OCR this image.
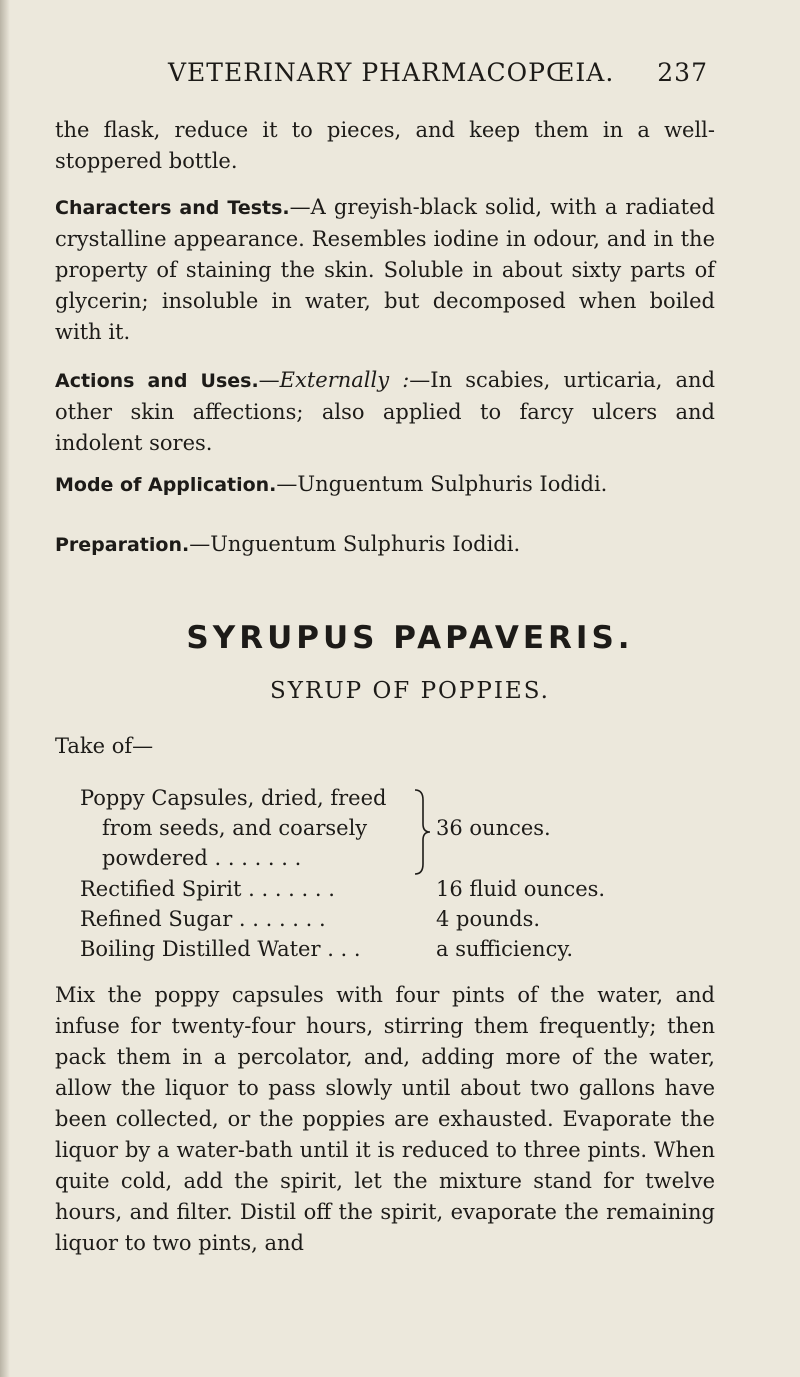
VETERINARY PHARMACOPŒIA. 237

the flask, reduce it to pieces, and keep them in a well-stoppered bottle.

Characters and Tests.—A greyish-black solid, with a radiated crystalline appearance. Resembles iodine in odour, and in the property of staining the skin. Soluble in about sixty parts of glycerin; insoluble in water, but decomposed when boiled with it.

Actions and Uses.—Externally :—In scabies, urticaria, and other skin affections; also applied to farcy ulcers and indolent sores.

Mode of Application.—Unguentum Sulphuris Iodidi.

Preparation.—Unguentum Sulphuris Iodidi.

SYRUPUS PAPAVERIS.
SYRUP OF POPPIES.
Take of—
Poppy Capsules, dried, freed
from seeds, and coarsely
powdered . . . . . . .
36 ounces.
Rectified Spirit . . . . . . .	16 fluid ounces.
Refined Sugar . . . . . . .	4 pounds.
Boiling Distilled Water . . .	a sufficiency.

Mix the poppy capsules with four pints of the water, and infuse for twenty-four hours, stirring them frequently; then pack them in a percolator, and, adding more of the water, allow the liquor to pass slowly until about two gallons have been collected, or the poppies are exhausted. Evaporate the liquor by a water-bath until it is reduced to three pints. When quite cold, add the spirit, let the mixture stand for twelve hours, and filter. Distil off the spirit, evaporate the remaining liquor to two pints, and
